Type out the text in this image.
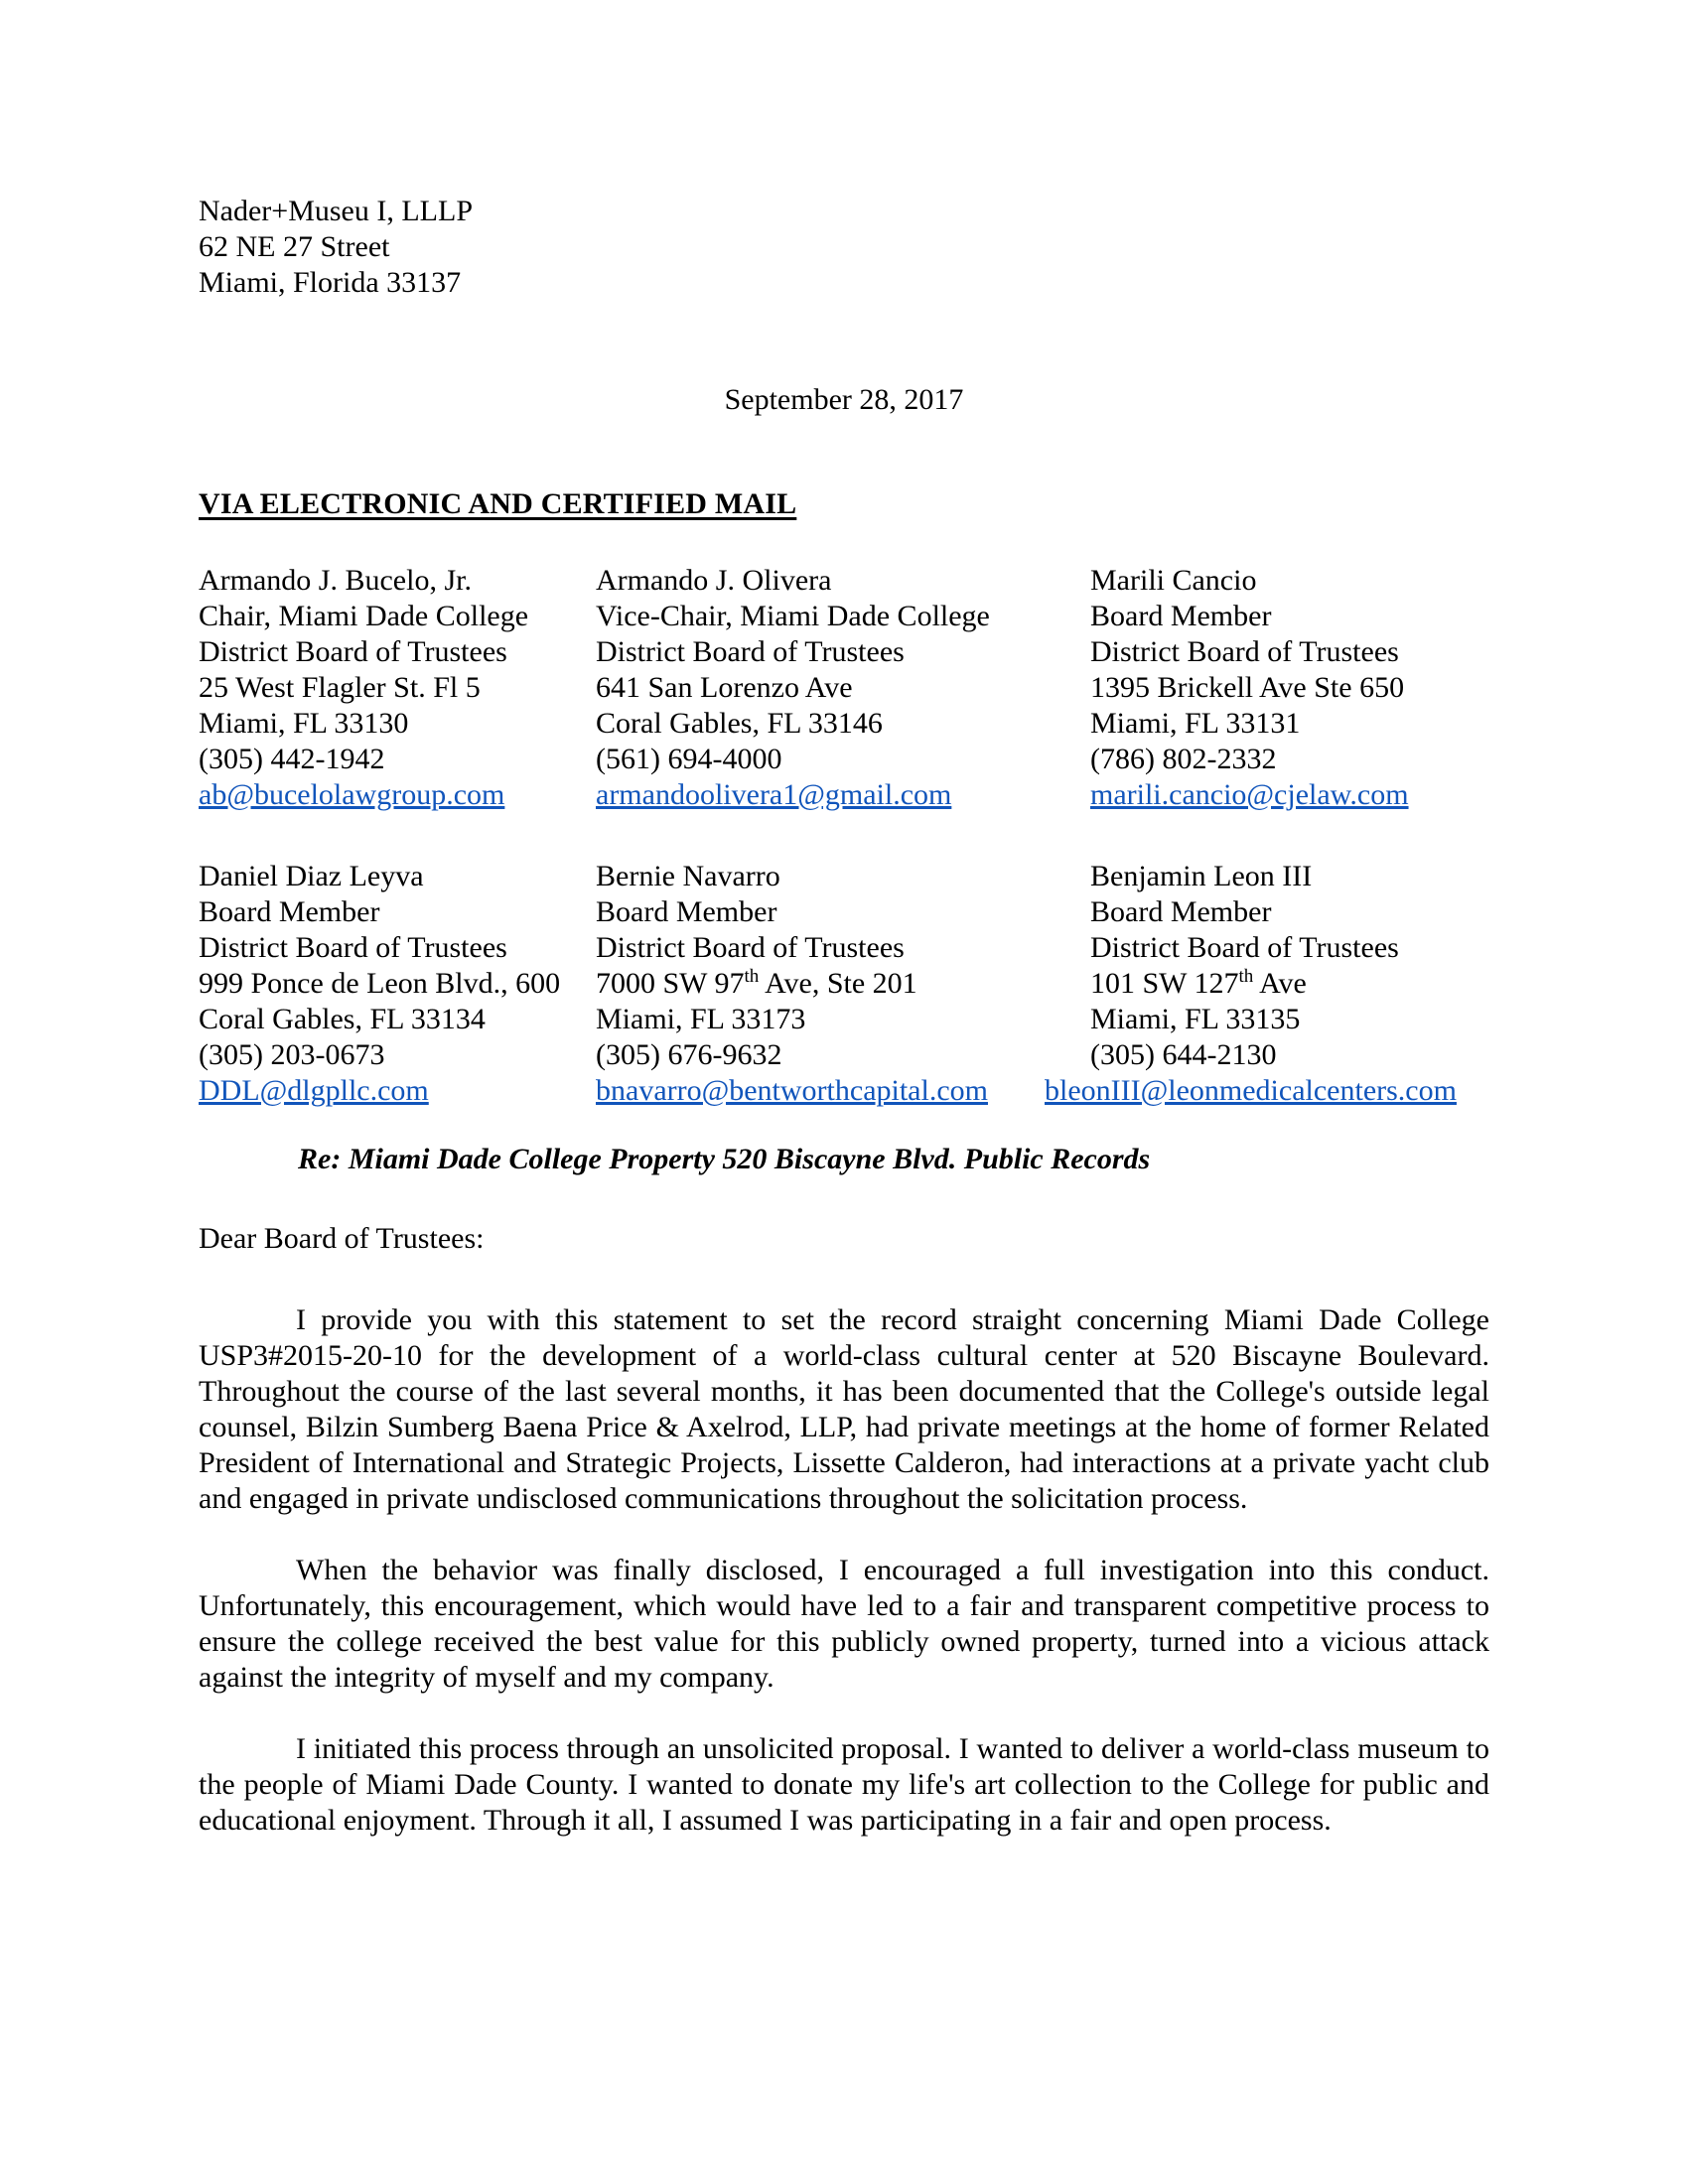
Nader+Museu I, LLLP
62 NE 27 Street
Miami, Florida 33137
September 28, 2017
VIA ELECTRONIC AND CERTIFIED MAIL
Armando J. Bucelo, Jr.
Chair, Miami Dade College
District Board of Trustees
25 West Flagler St. Fl 5
Miami, FL 33130
(305) 442-1942
ab@bucelolawgroup.com
Armando J. Olivera
Vice-Chair, Miami Dade College
District Board of Trustees
641 San Lorenzo Ave
Coral Gables, FL 33146
(561) 694-4000
armandoolivera1@gmail.com
Marili Cancio
Board Member
District Board of Trustees
1395 Brickell Ave Ste 650
Miami, FL 33131
(786) 802-2332
marili.cancio@cjelaw.com
Daniel Diaz Leyva
Board Member
District Board of Trustees
999 Ponce de Leon Blvd., 600
Coral Gables, FL 33134
(305) 203-0673
DDL@dlgpllc.com
Bernie Navarro
Board Member
District Board of Trustees
7000 SW 97th Ave, Ste 201
Miami, FL 33173
(305) 676-9632
bnavarro@bentworthcapital.com
Benjamin Leon III
Board Member
District Board of Trustees
101 SW 127th Ave
Miami, FL 33135
(305) 644-2130
bleonIII@leonmedicalcenters.com
Re: Miami Dade College Property 520 Biscayne Blvd. Public Records
Dear Board of Trustees:

I provide you with this statement to set the record straight concerning Miami Dade College USP3#2015-20-10 for the development of a world-class cultural center at 520 Biscayne Boulevard. Throughout the course of the last several months, it has been documented that the College's outside legal counsel, Bilzin Sumberg Baena Price & Axelrod, LLP, had private meetings at the home of former Related President of International and Strategic Projects, Lissette Calderon, had interactions at a private yacht club and engaged in private undisclosed communications throughout the solicitation process.

When the behavior was finally disclosed, I encouraged a full investigation into this conduct. Unfortunately, this encouragement, which would have led to a fair and transparent competitive process to ensure the college received the best value for this publicly owned property, turned into a vicious attack against the integrity of myself and my company.

I initiated this process through an unsolicited proposal. I wanted to deliver a world-class museum to the people of Miami Dade County. I wanted to donate my life's art collection to the College for public and educational enjoyment. Through it all, I assumed I was participating in a fair and open process.
